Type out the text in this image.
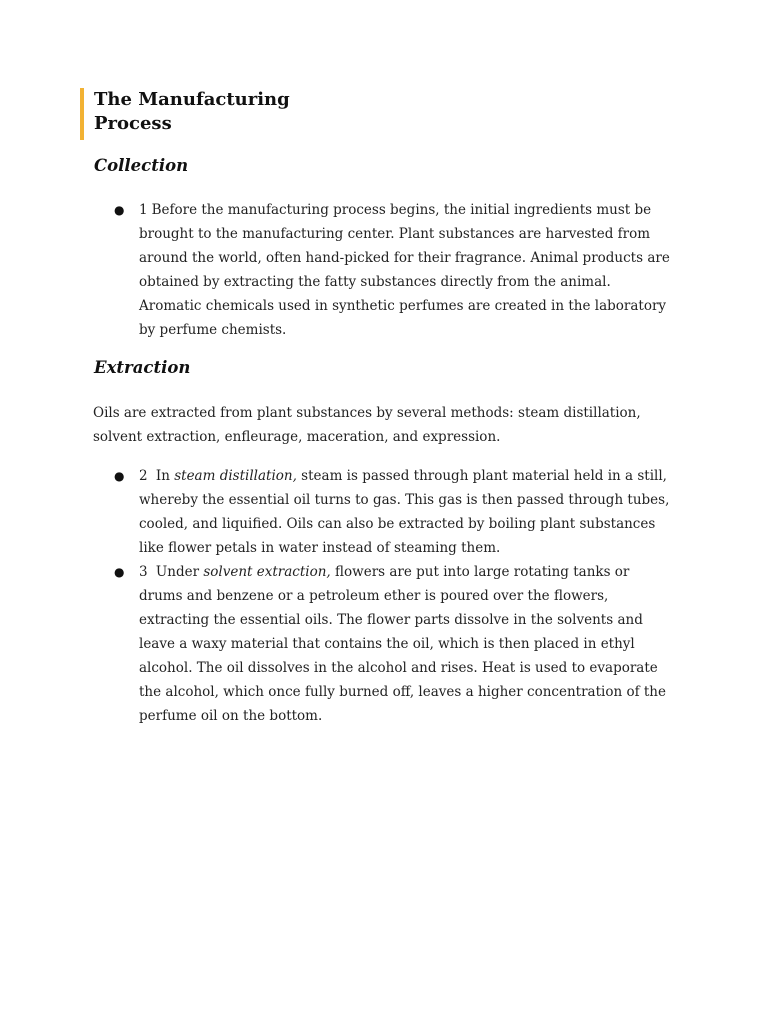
The Manufacturing
Process
Collection
● 1 Before the manufacturing process begins, the initial ingredients must be brought to the manufacturing center. Plant substances are harvested from around the world, often hand-picked for their fragrance. Animal products are obtained by extracting the fatty substances directly from the animal. Aromatic chemicals used in synthetic perfumes are created in the laboratory by perfume chemists.
Extraction

Oils are extracted from plant substances by several methods: steam distillation, solvent extraction, enfleurage, maceration, and expression.

● 2 In steam distillation, steam is passed through plant material held in a still, whereby the essential oil turns to gas. This gas is then passed through tubes, cooled, and liquified. Oils can also be extracted by boiling plant substances like flower petals in water instead of steaming them.
● 3 Under solvent extraction, flowers are put into large rotating tanks or drums and benzene or a petroleum ether is poured over the flowers, extracting the essential oils. The flower parts dissolve in the solvents and leave a waxy material that contains the oil, which is then placed in ethyl alcohol. The oil dissolves in the alcohol and rises. Heat is used to evaporate the alcohol, which once fully burned off, leaves a higher concentration of the perfume oil on the bottom.
